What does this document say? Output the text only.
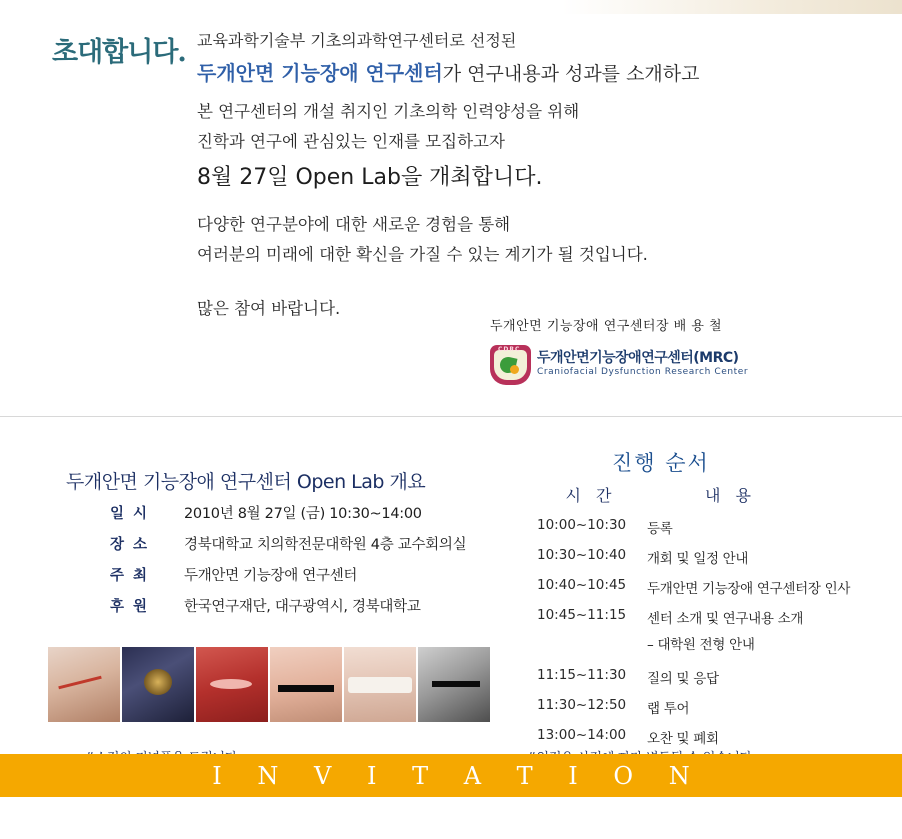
초대합니다. 교육과학기술부 기초의과학연구센터로 선정된
두개안면 기능장애 연구센터가 연구내용과 성과를 소개하고
본 연구센터의 개설 취지인 기초의학 인력양성을 위해
진학과 연구에 관심있는 인재를 모집하고자
8월 27일 Open Lab을 개최합니다.
다양한 연구분야에 대한 새로운 경험을 통해
여러분의 미래에 대한 확신을 가질 수 있는 계기가 될 것입니다.
많은 참여 바랍니다.
두개안면 기능장애 연구센터장 배 용 철
CDRC
두개안면기능장애연구센터(MRC)
Craniofacial Dysfunction Research Center
두개안면 기능장애 연구센터 Open Lab 개요
일 시	2010년 8월 27일 (금) 10:30~14:00
장 소	경북대학교 치의학전문대학원 4층 교수회의실
주 최	두개안면 기능장애 연구센터
후 원	한국연구재단, 대구광역시, 경북대학교
진행 순서
시 간	내 용
10:00~10:30	등록
10:30~10:40	개회 및 일정 안내
10:40~10:45	두개안면 기능장애 연구센터장 인사
10:45~11:15	센터 소개 및 연구내용 소개
– 대학원 전형 안내
11:15~11:30	질의 및 응답
11:30~12:50	랩 투어
13:00~14:00	오찬 및 폐회
I N V I T A T I O N
